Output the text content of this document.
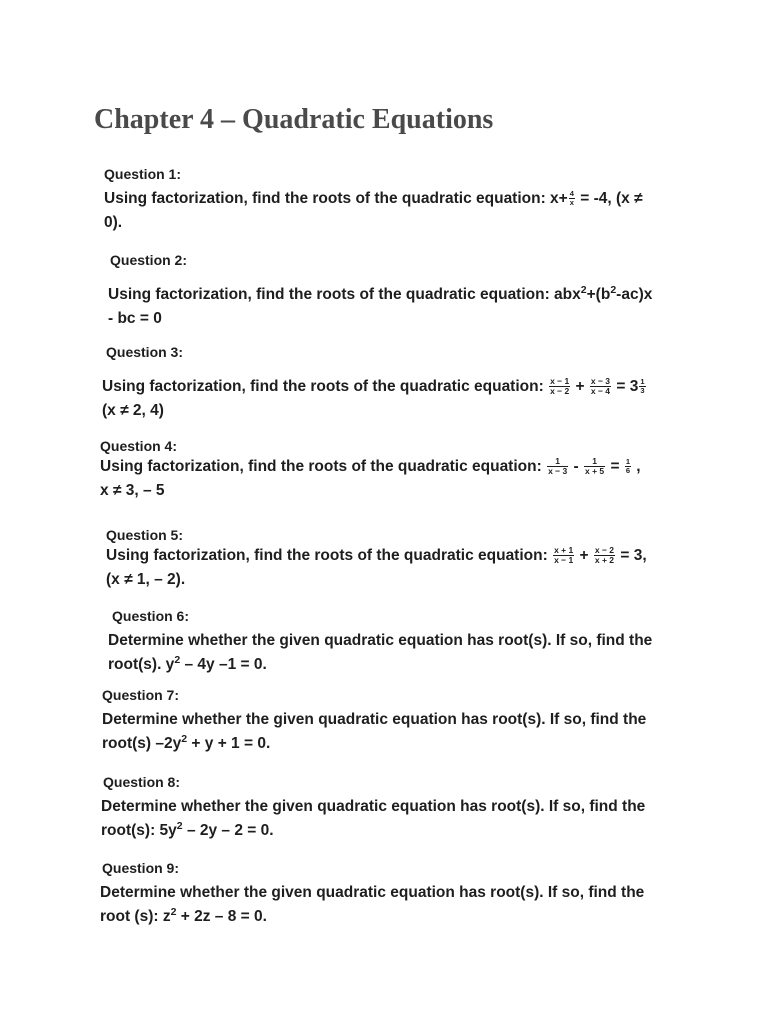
Chapter 4 – Quadratic Equations
Question 1:
Using factorization, find the roots of the quadratic equation: $x+ \frac{4}{x} = -4$, (x ≠
0).
Question 2:
Using factorization, find the roots of the quadratic equation: $abx^2+(b^2-ac)x$
- bc = 0
Question 3:
Using factorization, find the roots of the quadratic equation: $\frac{x - 1}{x - 2} + \frac{x - 3}{x - 4} = 3 \frac{1}{3}$

(x ≠ 2, 4)
Question 4:
Using factorization, find the roots of the quadratic equation: $\frac{1}{x - 3} - \frac{1}{x + 5} = \frac{1}{6}$ ,
x ≠ 3, – 5
Question 5:
Using factorization, find the roots of the quadratic equation: $\frac{x + 1}{x - 1} + \frac{x - 2}{x + 2} = 3$,
(x ≠ 1, – 2).
Question 6:
Determine whether the given quadratic equation has root(s). If so, find the
root(s). $y^2 - 4y$ –1 = 0.
Question 7:
Determine whether the given quadratic equation has root(s). If so, find the
root(s) $-2y^2 + y + 1 = 0$.
Question 8:
Determine whether the given quadratic equation has root(s). If so, find the
root(s): $5y^2 - 2y - 2 = 0$.
Question 9:
Determine whether the given quadratic equation has root(s). If so, find the
root (s): $z^2 + 2z - 8 = 0$.
